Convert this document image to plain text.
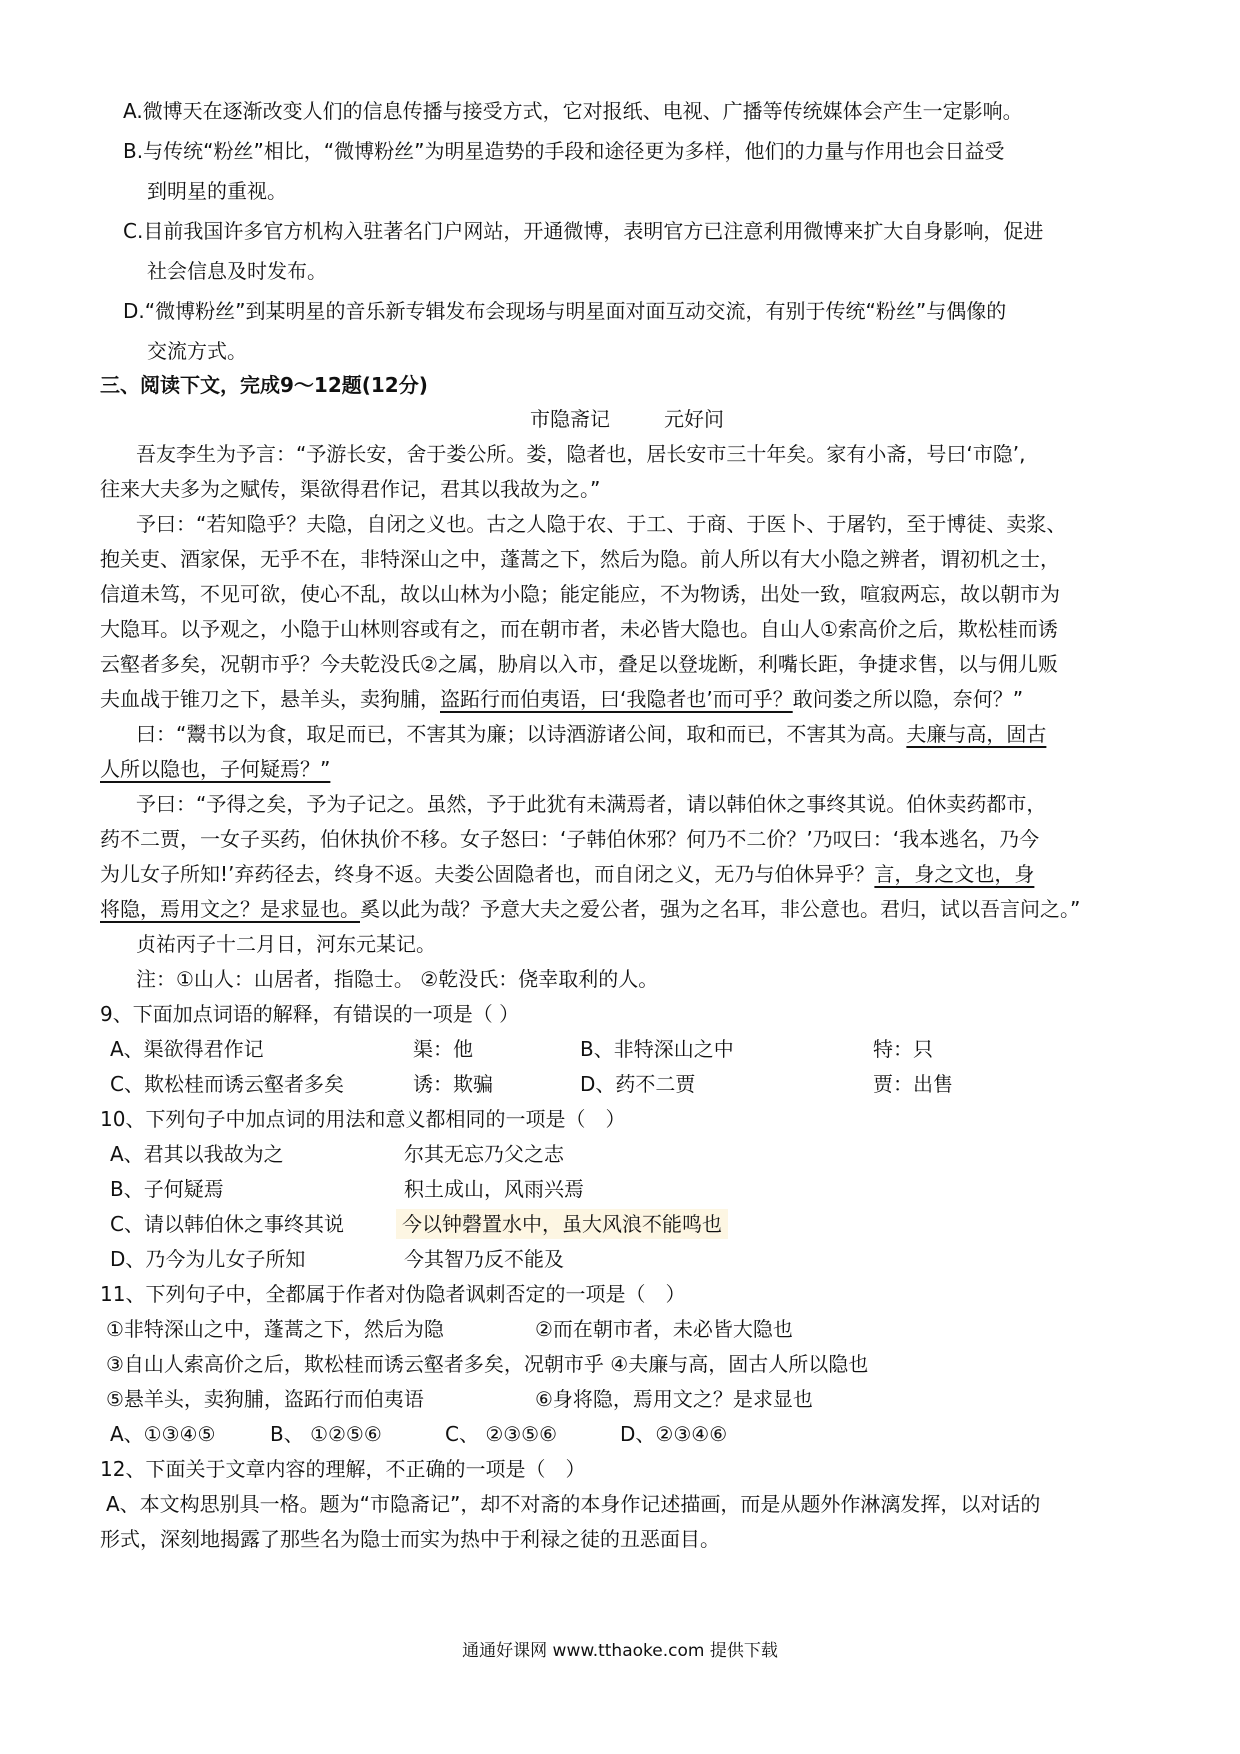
A.微博天在逐渐改变人们的信息传播与接受方式，它对报纸、电视、广播等传统媒体会产生一定影响。
B.与传统“粉丝”相比，“微博粉丝”为明星造势的手段和途径更为多样，他们的力量与作用也会日益受
到明星的重视。
C.目前我国许多官方机构入驻著名门户网站，开通微博，表明官方已注意利用微博来扩大自身影响，促进
社会信息及时发布。
D.“微博粉丝”到某明星的音乐新专辑发布会现场与明星面对面互动交流，有别于传统“粉丝”与偶像的
交流方式。
三、阅读下文，完成9～12题(12分)
市隐斋记	元好问
吾友李生为予言：“予游长安，舍于娄公所。娄，隐者也，居长安市三十年矣。家有小斋，号曰‘市隐’,
往来大夫多为之赋传，渠欲得君作记，君其以我故为之。”
予曰：“若知隐乎？夫隐，自闭之义也。古之人隐于农、于工、于商、于医卜、于屠钓，至于博徒、卖浆、
抱关吏、酒家保，无乎不在，非特深山之中，蓬蒿之下，然后为隐。前人所以有大小隐之辨者，谓初机之士，
信道未笃，不见可欲，使心不乱，故以山林为小隐；能定能应，不为物诱，出处一致，喧寂两忘，故以朝市为
大隐耳。以予观之，小隐于山林则容或有之，而在朝市者，未必皆大隐也。自山人①索高价之后，欺松桂而诱
云壑者多矣，况朝市乎？今夫乾没氏②之属，胁肩以入市，叠足以登垅断，利嘴长距，争捷求售，以与佣儿贩
夫血战于锥刀之下，悬羊头，卖狗脯，盗跖行而伯夷语，曰‘我隐者也’而可乎？敢问娄之所以隐，奈何？”
曰：“鬻书以为食，取足而已，不害其为廉；以诗酒游诸公间，取和而已，不害其为高。夫廉与高，固古
人所以隐也，子何疑焉？”
予曰：“予得之矣，予为子记之。虽然，予于此犹有未满焉者，请以韩伯休之事终其说。伯休卖药都市，
药不二贾，一女子买药，伯休执价不移。女子怒曰：‘子韩伯休邪？何乃不二价？’乃叹曰：‘我本逃名，乃今
为儿女子所知!’弃药径去，终身不返。夫娄公固隐者也，而自闭之义，无乃与伯休异乎？言，身之文也，身
将隐，焉用文之？是求显也。奚以此为哉？予意大夫之爱公者，强为之名耳，非公意也。君归，试以吾言问之。”
贞祐丙子十二月日，河东元某记。
注：①山人：山居者，指隐士。 ②乾没氏：侥幸取利的人。
9、下面加点词语的解释，有错误的一项是（ ）
A、渠欲得君作记	渠：他	B、非特深山之中	特：只
C、欺松桂而诱云壑者多矣	诱：欺骗	D、药不二贾	贾：出售
10、下列句子中加点词的用法和意义都相同的一项是（　）
A、君其以我故为之	尔其无忘乃父之志
B、子何疑焉	积土成山，风雨兴焉
C、请以韩伯休之事终其说	今以钟磬置水中，虽大风浪不能鸣也
D、乃今为儿女子所知	今其智乃反不能及
11、下列句子中，全都属于作者对伪隐者讽刺否定的一项是（　）
①非特深山之中，蓬蒿之下，然后为隐	②而在朝市者，未必皆大隐也
③自山人索高价之后，欺松桂而诱云壑者多矣，况朝市乎 ④夫廉与高，固古人所以隐也
⑤悬羊头，卖狗脯，盗跖行而伯夷语	⑥身将隐，焉用文之？是求显也
A、①③④⑤	B、 ①②⑤⑥	C、 ②③⑤⑥	D、②③④⑥
12、下面关于文章内容的理解，不正确的一项是（　）
A、本文构思别具一格。题为“市隐斋记”，却不对斋的本身作记述描画，而是从题外作淋漓发挥，以对话的
形式，深刻地揭露了那些名为隐士而实为热中于利禄之徒的丑恶面目。
通通好课网 www.tthaoke.com 提供下载
